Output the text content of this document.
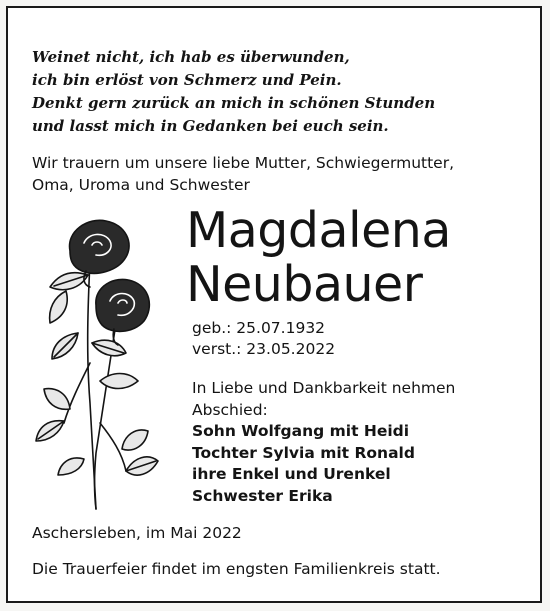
Weinet nicht, ich hab es überwunden,
ich bin erlöst von Schmerz und Pein.
Denkt gern zurück an mich in schönen Stunden
und lasst mich in Gedanken bei euch sein.
Wir trauern um unsere liebe Mutter, Schwiegermutter,
Oma, Uroma und Schwester
Magdalena
Neubauer
geb.: 25.07.1932
verst.: 23.05.2022
In Liebe und Dankbarkeit nehmen
Abschied:
Sohn Wolfgang mit Heidi
Tochter Sylvia mit Ronald
ihre Enkel und Urenkel
Schwester Erika
Aschersleben, im Mai 2022
Die Trauerfeier findet im engsten Familienkreis statt.
